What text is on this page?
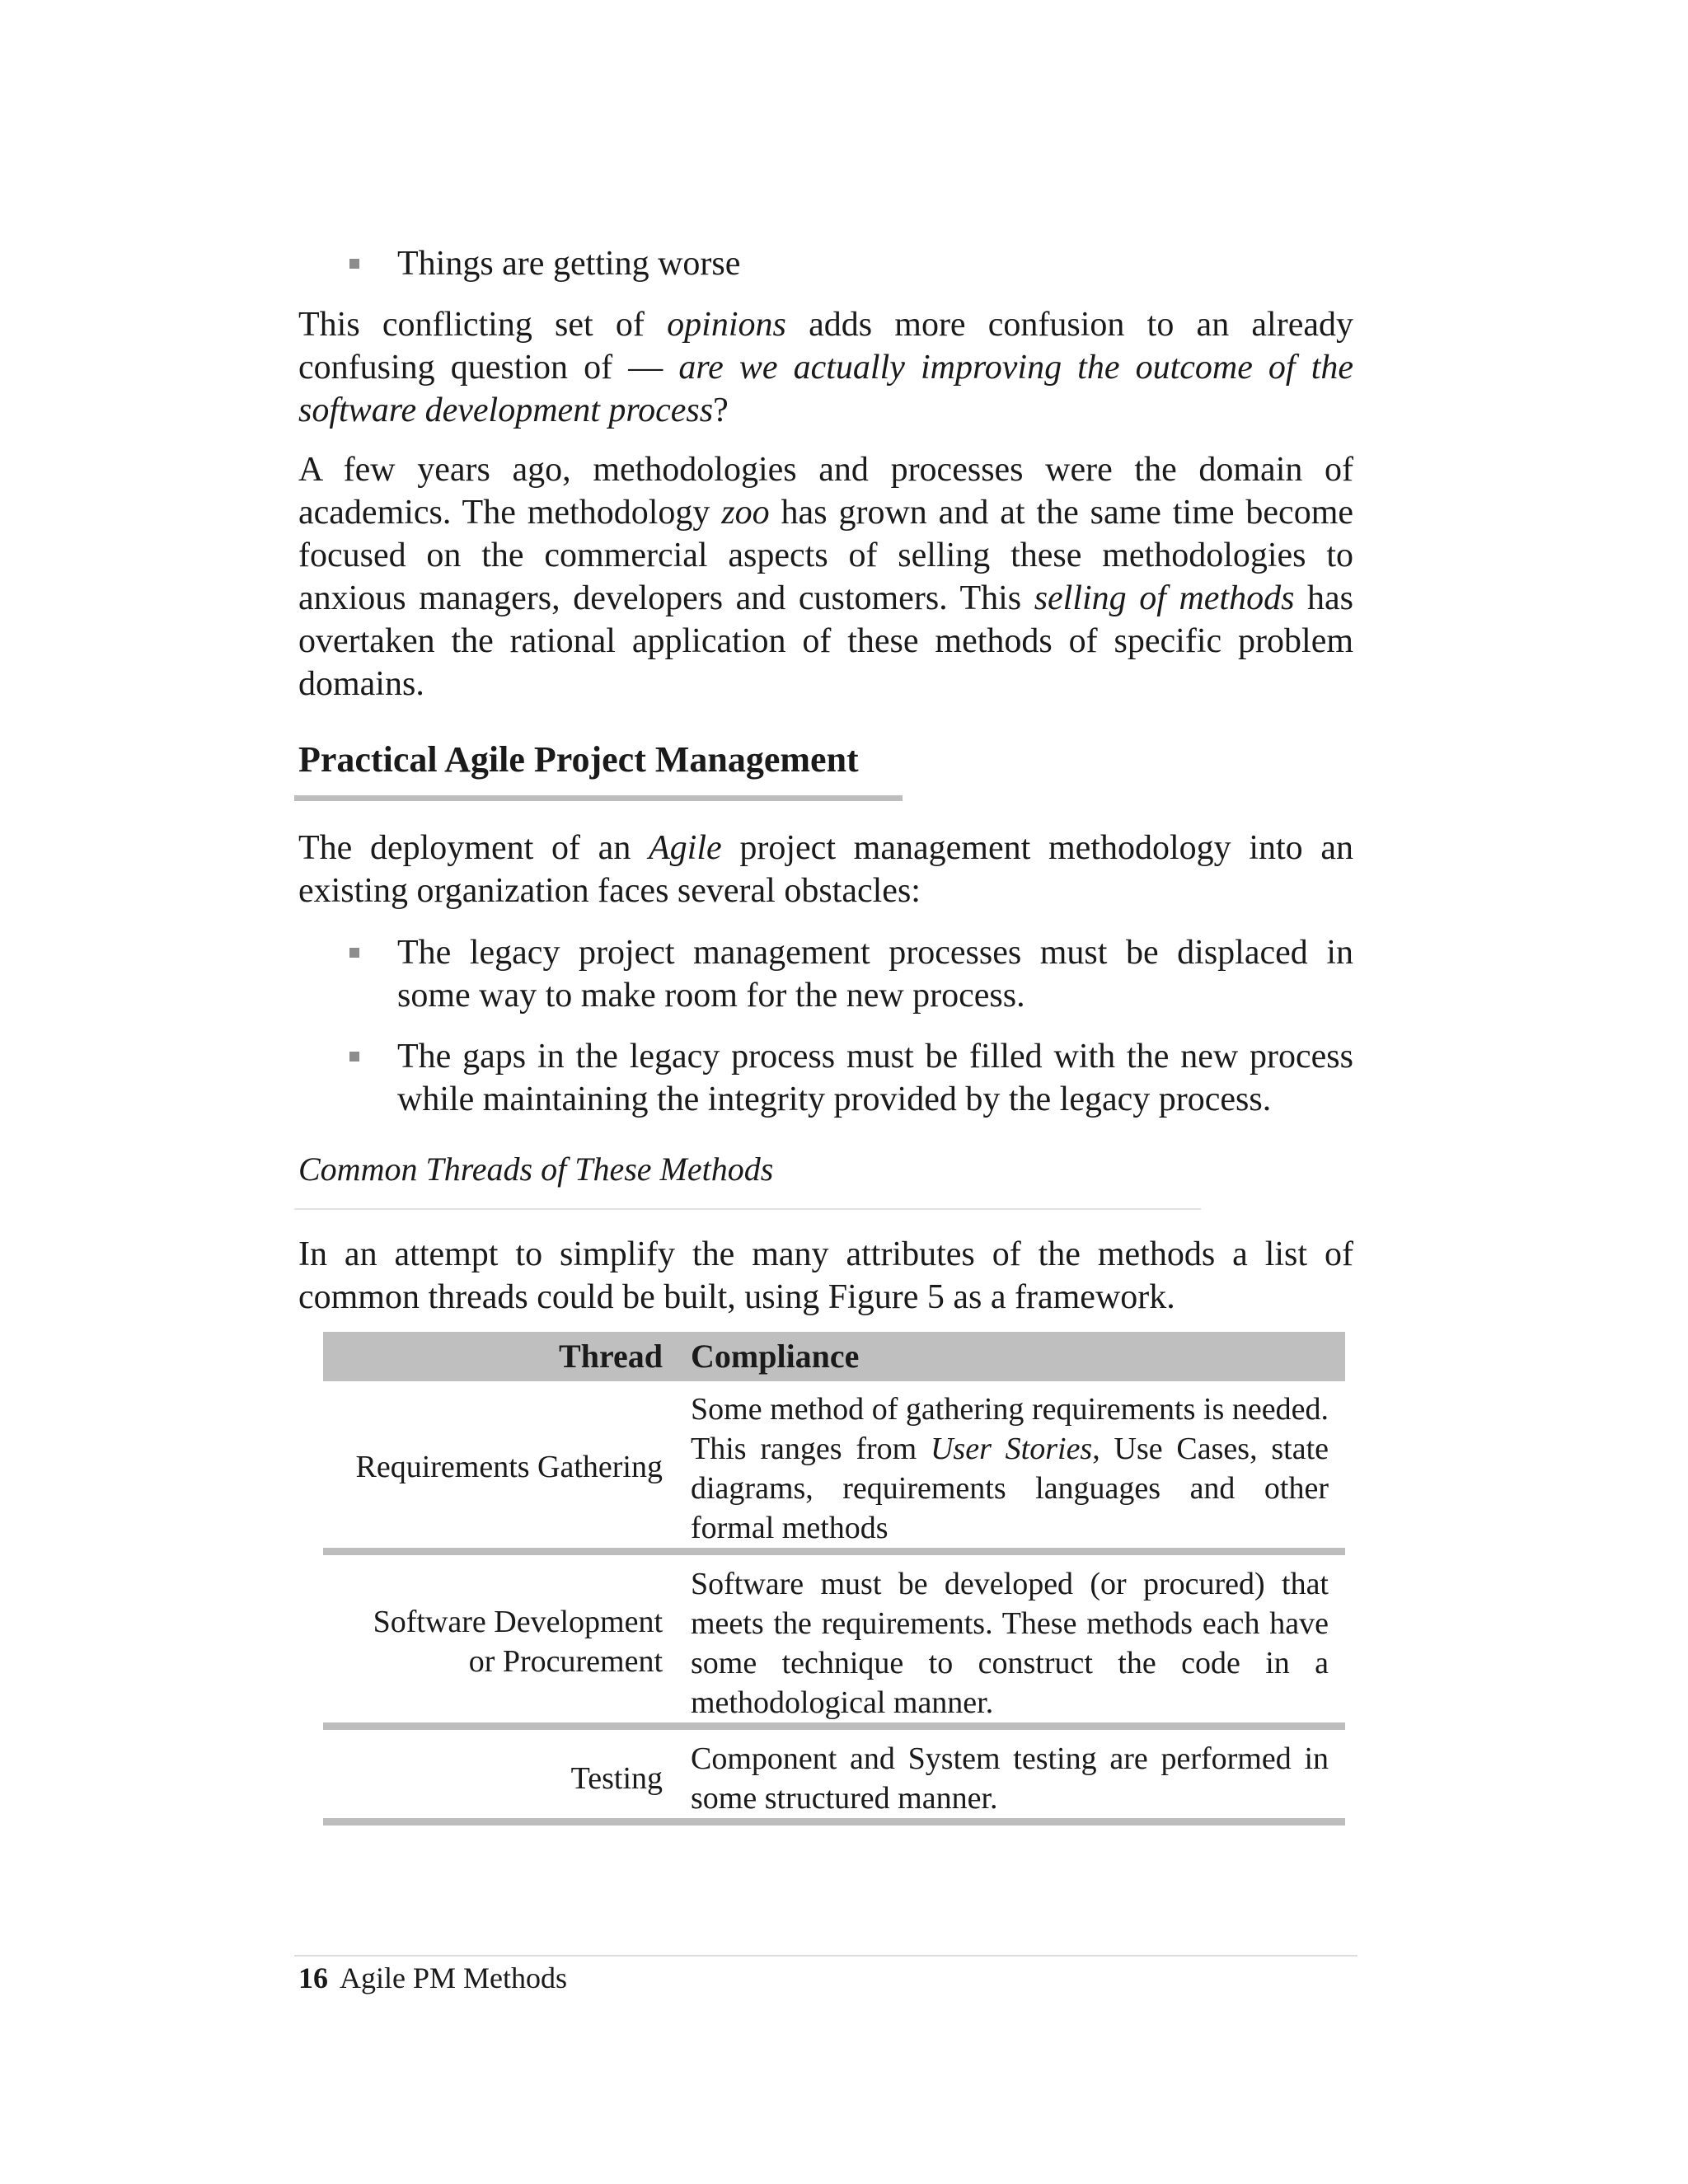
Things are getting worse

This conflicting set of opinions adds more confusion to an already confusing question of — are we actually improving the outcome of the software development process?

A few years ago, methodologies and processes were the domain of academics. The methodology zoo has grown and at the same time become focused on the commercial aspects of selling these methodologies to anxious managers, developers and customers. This selling of methods has overtaken the rational application of these methods of specific problem domains.

Practical Agile Project Management

The deployment of an Agile project management methodology into an existing organization faces several obstacles:

The legacy project management processes must be displaced in some way to make room for the new process.
The gaps in the legacy process must be filled with the new process while maintaining the integrity provided by the legacy process.
Common Threads of These Methods

In an attempt to simplify the many attributes of the methods a list of common threads could be built, using Figure 5 as a framework.

Thread Compliance
Requirements Gathering
Some method of gathering requirements is needed. This ranges from User Stories, Use Cases, state diagrams, requirements languages and other formal methods
Software Development
or Procurement
Software must be developed (or procured) that meets the requirements. These methods each have some technique to construct the code in a methodological manner.
Testing
Component and System testing are performed in some structured manner.
16 Agile PM Methods
